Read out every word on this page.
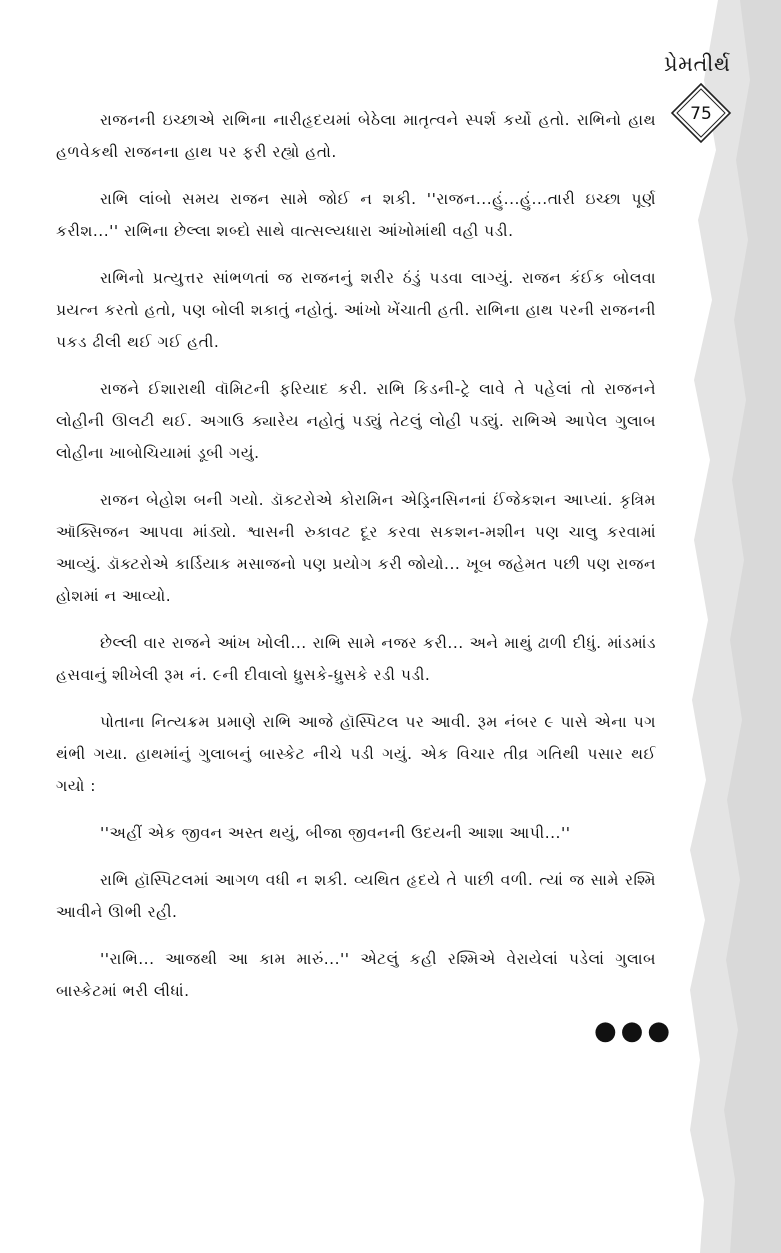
પ્રેમતીર્થ
75

રાજનની ઇચ્છાએ રાભિના નારીહૃદયમાં બેઠેલા માતૃત્વને સ્પર્શ કર્યો હતો. રાભિનો હાથ હળવેકથી રાજનના હાથ પર ફરી રહ્યો હતો.

રાભિ લાંબો સમય રાજન સામે જોઈ ન શકી. ''રાજન...હું...હું...તારી ઇચ્છા પૂર્ણ કરીશ...'' રાભિના છેલ્લા શબ્દો સાથે વાત્સલ્યધારા આંખોમાંથી વહી પડી.

રાભિનો પ્રત્યુત્તર સાંભળતાં જ રાજનનું શરીર ઠંડું પડવા લાગ્યું. રાજન કંઈક બોલવા પ્રયત્ન કરતો હતો, પણ બોલી શકાતું નહોતું. આંખો ખેંચાતી હતી. રાભિના હાથ પરની રાજનની પકડ ઢીલી થઈ ગઈ હતી.

રાજને ઈશારાથી વૉમિટની ફરિયાદ કરી. રાભિ કિડની-ટ્રે લાવે તે પહેલાં તો રાજનને લોહીની ઊલટી થઈ. અગાઉ ક્યારેય નહોતું પડ્યું તેટલું લોહી પડ્યું. રાભિએ આપેલ ગુલાબ લોહીના ખાબોચિયામાં ડૂબી ગયું.

રાજન બેહોશ બની ગયો. ડૉક્ટરોએ કોરામિન એડ્રિનસિનનાં ઈંજેકશન આપ્યાં. કૃત્રિમ ઑક્સિજન આપવા માંડ્યો. શ્વાસની રુકાવટ દૂર કરવા સકશન-મશીન પણ ચાલુ કરવામાં આવ્યું. ડૉક્ટરોએ કાર્ડિયાક મસાજનો પણ પ્રયોગ કરી જોયો... ખૂબ જહેમત પછી પણ રાજન હોશમાં ન આવ્યો.

છેલ્લી વાર રાજને આંખ ખોલી... રાભિ સામે નજર કરી... અને માથું ઢાળી દીધું. માંડમાંડ હસવાનું શીખેલી રૂમ નં. ૯ની દીવાલો ધ્રુસકે-ધ્રુસકે રડી પડી.

પોતાના નિત્યક્રમ પ્રમાણે રાભિ આજે હૉસ્પિટલ પર આવી. રૂમ નંબર ૯ પાસે એના પગ થંભી ગયા. હાથમાંનું ગુલાબનું બાસ્કેટ નીચે પડી ગયું. એક વિચાર તીવ્ર ગતિથી પસાર થઈ ગયો :

''અહીં એક જીવન અસ્ત થયું, બીજા જીવનની ઉદયની આશા આપી...''

રાભિ હૉસ્પિટલમાં આગળ વધી ન શકી. વ્યથિત હૃદયે તે પાછી વળી. ત્યાં જ સામે રશ્મિ આવીને ઊભી રહી.

''રાભિ... આજથી આ કામ મારું...'' એટલું કહી રશ્મિએ વેરાયેલાં પડેલાં ગુલાબ બાસ્કેટમાં ભરી લીધાં.

●●●
